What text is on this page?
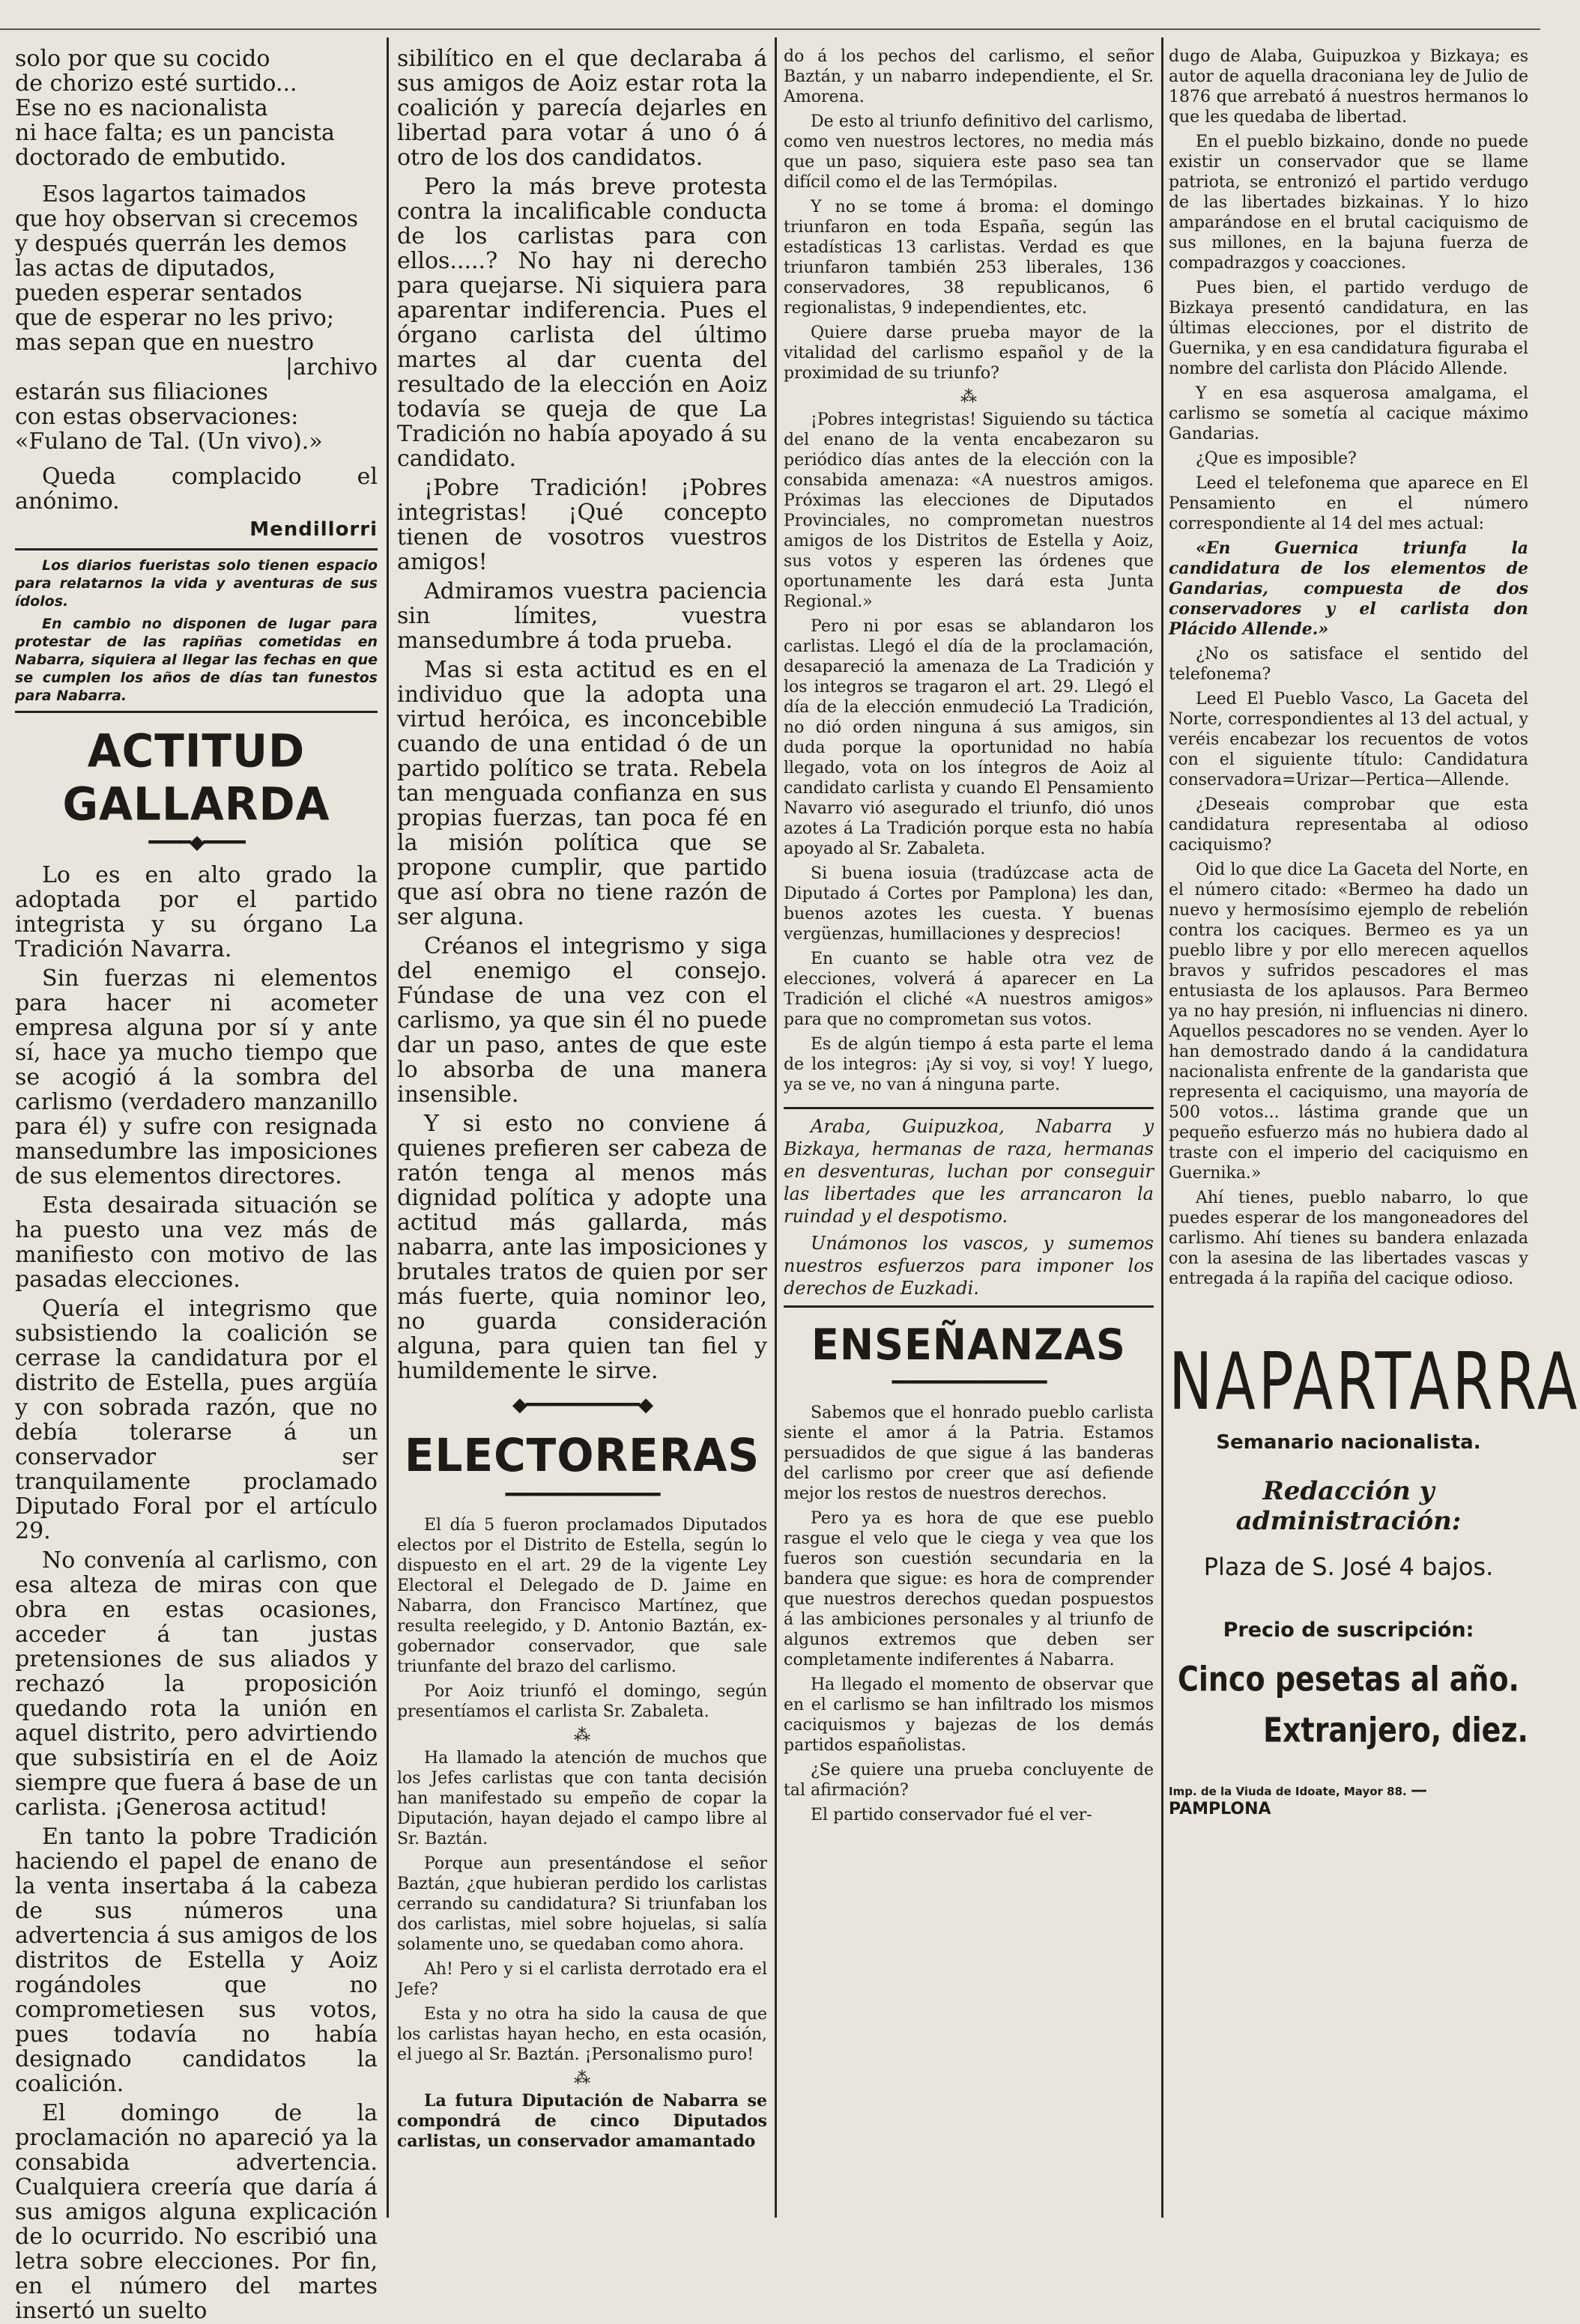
solo por que su cocido

de chorizo esté surtido...

Ese no es nacionalista

ni hace falta; es un pancista

doctorado de embutido.

Esos lagartos taimados

que hoy observan si crecemos

y después querrán les demos

las actas de diputados,

pueden esperar sentados

que de esperar no les privo;

mas sepan que en nuestro

|archivo

estarán sus filiaciones

con estas observaciones:

«Fulano de Tal. (Un vivo).»

Queda complacido el anónimo.

Mendillorri

Los diarios fueristas solo tienen espacio para relatarnos la vida y aventuras de sus ídolos.

En cambio no disponen de lugar para protestar de las rapiñas cometidas en Nabarra, siquiera al llegar las fechas en que se cumplen los años de días tan funestos para Nabarra.

ACTITUD GALLARDA
━━━━◆━━━━

Lo es en alto grado la adoptada por el partido integrista y su órgano La Tradición Navarra.

Sin fuerzas ni elementos para hacer ni acometer empresa alguna por sí y ante sí, hace ya mucho tiempo que se acogió á la sombra del carlismo (verdadero manzanillo para él) y sufre con resignada mansedumbre las imposiciones de sus elementos directores.

Esta desairada situación se ha puesto una vez más de manifiesto con motivo de las pasadas elecciones.

Quería el integrismo que subsistiendo la coalición se cerrase la candidatura por el distrito de Estella, pues argüía y con sobrada razón, que no debía tolerarse á un conservador ser tranquilamente proclamado Diputado Foral por el artículo 29.

No convenía al carlismo, con esa alteza de miras con que obra en estas ocasiones, acceder á tan justas pretensiones de sus aliados y rechazó la proposición quedando rota la unión en aquel distrito, pero advirtiendo que subsistiría en el de Aoiz siempre que fuera á base de un carlista. ¡Generosa actitud!

En tanto la pobre Tradición haciendo el papel de enano de la venta insertaba á la cabeza de sus números una advertencia á sus amigos de los distritos de Estella y Aoiz rogándoles que no comprometiesen sus votos, pues todavía no había designado candidatos la coalición.

El domingo de la proclamación no apareció ya la consabida advertencia. Cualquiera creería que daría á sus amigos alguna explicación de lo ocurrido. No escribió una letra sobre elecciones. Por fin, en el número del martes insertó un suelto

sibilítico en el que declaraba á sus amigos de Aoiz estar rota la coalición y parecía dejarles en libertad para votar á uno ó á otro de los dos candidatos.

Pero la más breve protesta contra la incalificable conducta de los carlistas para con ellos.....? No hay ni derecho para quejarse. Ni siquiera para aparentar indiferencia. Pues el órgano carlista del último martes al dar cuenta del resultado de la elección en Aoiz todavía se queja de que La Tradición no había apoyado á su candidato.

¡Pobre Tradición! ¡Pobres integristas! ¡Qué concepto tienen de vosotros vuestros amigos!

Admiramos vuestra paciencia sin límites, vuestra mansedumbre á toda prueba.

Mas si esta actitud es en el individuo que la adopta una virtud heróica, es inconcebible cuando de una entidad ó de un partido político se trata. Rebela tan menguada confianza en sus propias fuerzas, tan poca fé en la misión política que se propone cumplir, que partido que así obra no tiene razón de ser alguna.

Créanos el integrismo y siga del enemigo el consejo. Fúndase de una vez con el carlismo, ya que sin él no puede dar un paso, antes de que este lo absorba de una manera insensible.

Y si esto no conviene á quienes prefieren ser cabeza de ratón tenga al menos más dignidad política y adopte una actitud más gallarda, más nabarra, ante las imposiciones y brutales tratos de quien por ser más fuerte, quia nominor leo, no guarda consideración alguna, para quien tan fiel y humildemente le sirve.

◆━━━━━━━━━━━◆
ELECTORERAS
━━━━━━━━━━━━━━━

El día 5 fueron proclamados Diputados electos por el Distrito de Estella, según lo dispuesto en el art. 29 de la vigente Ley Electoral el Delegado de D. Jaime en Nabarra, don Francisco Martínez, que resulta reelegido, y D. Antonio Baztán, ex-gobernador conservador, que sale triunfante del brazo del carlismo.

Por Aoiz triunfó el domingo, según presentíamos el carlista Sr. Zabaleta.

⁂

Ha llamado la atención de muchos que los Jefes carlistas que con tanta decisión han manifestado su empeño de copar la Diputación, hayan dejado el campo libre al Sr. Baztán.

Porque aun presentándose el señor Baztán, ¿que hubieran perdido los carlistas cerrando su candidatura? Si triunfaban los dos carlistas, miel sobre hojuelas, si salía solamente uno, se quedaban como ahora.

Ah! Pero y si el carlista derrotado era el Jefe?

Esta y no otra ha sido la causa de que los carlistas hayan hecho, en esta ocasión, el juego al Sr. Baztán. ¡Personalismo puro!

⁂

La futura Diputación de Nabarra se compondrá de cinco Diputados carlistas, un conservador amamantado

do á los pechos del carlismo, el señor Baztán, y un nabarro independiente, el Sr. Amorena.

De esto al triunfo definitivo del carlismo, como ven nuestros lectores, no media más que un paso, siquiera este paso sea tan difícil como el de las Termópilas.

Y no se tome á broma: el domingo triunfaron en toda España, según las estadísticas 13 carlistas. Verdad es que triunfaron también 253 liberales, 136 conservadores, 38 republicanos, 6 regionalistas, 9 independientes, etc.

Quiere darse prueba mayor de la vitalidad del carlismo español y de la proximidad de su triunfo?

⁂

¡Pobres integristas! Siguiendo su táctica del enano de la venta encabezaron su periódico días antes de la elección con la consabida amenaza: «A nuestros amigos. Próximas las elecciones de Diputados Provinciales, no comprometan nuestros amigos de los Distritos de Estella y Aoiz, sus votos y esperen las órdenes que oportunamente les dará esta Junta Regional.»

Pero ni por esas se ablandaron los carlistas. Llegó el día de la proclamación, desapareció la amenaza de La Tradición y los integros se tragaron el art. 29. Llegó el día de la elección enmudeció La Tradición, no dió orden ninguna á sus amigos, sin duda porque la oportunidad no había llegado, vota on los íntegros de Aoiz al candidato carlista y cuando El Pensamiento Navarro vió asegurado el triunfo, dió unos azotes á La Tradición porque esta no había apoyado al Sr. Zabaleta.

Si buena iosuia (tradúzcase acta de Diputado á Cortes por Pamplona) les dan, buenos azotes les cuesta. Y buenas vergüenzas, humillaciones y desprecios!

En cuanto se hable otra vez de elecciones, volverá á aparecer en La Tradición el cliché «A nuestros amigos» para que no comprometan sus votos.

Es de algún tiempo á esta parte el lema de los integros: ¡Ay si voy, si voy! Y luego, ya se ve, no van á ninguna parte.

Araba, Guipuzkoa, Nabarra y Bizkaya, hermanas de raza, hermanas en desventuras, luchan por conseguir las libertades que les arrancaron la ruindad y el despotismo.

Unámonos los vascos, y sumemos nuestros esfuerzos para imponer los derechos de Euzkadi.

ENSEÑANZAS
━━━━━━━━━━━━━━━

Sabemos que el honrado pueblo carlista siente el amor á la Patria. Estamos persuadidos de que sigue á las banderas del carlismo por creer que así defiende mejor los restos de nuestros derechos.

Pero ya es hora de que ese pueblo rasgue el velo que le ciega y vea que los fueros son cuestión secundaria en la bandera que sigue: es hora de comprender que nuestros derechos quedan pospuestos á las ambiciones personales y al triunfo de algunos extremos que deben ser completamente indiferentes á Nabarra.

Ha llegado el momento de observar que en el carlismo se han infiltrado los mismos caciquismos y bajezas de los demás partidos españolistas.

¿Se quiere una prueba concluyente de tal afirmación?

El partido conservador fué el ver-

dugo de Alaba, Guipuzkoa y Bizkaya; es autor de aquella draconiana ley de Julio de 1876 que arrebató á nuestros hermanos lo que les quedaba de libertad.

En el pueblo bizkaino, donde no puede existir un conservador que se llame patriota, se entronizó el partido verdugo de las libertades bizkainas. Y lo hizo amparándose en el brutal caciquismo de sus millones, en la bajuna fuerza de compadrazgos y coacciones.

Pues bien, el partido verdugo de Bizkaya presentó candidatura, en las últimas elecciones, por el distrito de Guernika, y en esa candidatura figuraba el nombre del carlista don Plácido Allende.

Y en esa asquerosa amalgama, el carlismo se sometía al cacique máximo Gandarias.

¿Que es imposible?

Leed el telefonema que aparece en El Pensamiento en el número correspondiente al 14 del mes actual:

«En Guernica triunfa la candidatura de los elementos de Gandarias, compuesta de dos conservadores y el carlista don Plácido Allende.»

¿No os satisface el sentido del telefonema?

Leed El Pueblo Vasco, La Gaceta del Norte, correspondientes al 13 del actual, y veréis encabezar los recuentos de votos con el siguiente título: Candidatura conservadora=Urizar—Pertica—Allende.

¿Deseais comprobar que esta candidatura representaba al odioso caciquismo?

Oid lo que dice La Gaceta del Norte, en el número citado: «Bermeo ha dado un nuevo y hermosísimo ejemplo de rebelión contra los caciques. Bermeo es ya un pueblo libre y por ello merecen aquellos bravos y sufridos pescadores el mas entusiasta de los aplausos. Para Bermeo ya no hay presión, ni influencias ni dinero. Aquellos pescadores no se venden. Ayer lo han demostrado dando á la candidatura nacionalista enfrente de la gandarista que representa el caciquismo, una mayoría de 500 votos... lástima grande que un pequeño esfuerzo más no hubiera dado al traste con el imperio del caciquismo en Guernika.»

Ahí tienes, pueblo nabarro, lo que puedes esperar de los mangoneadores del carlismo. Ahí tienes su bandera enlazada con la asesina de las libertades vascas y entregada á la rapiña del cacique odioso.

NAPARTARRA
Semanario nacionalista.
Redacción y administración:
Plaza de S. José 4 bajos.
Precio de suscripción:
Cinco pesetas al año.
Extranjero, diez.
Imp. de la Viuda de Idoate, Mayor 88. —PAMPLONA
